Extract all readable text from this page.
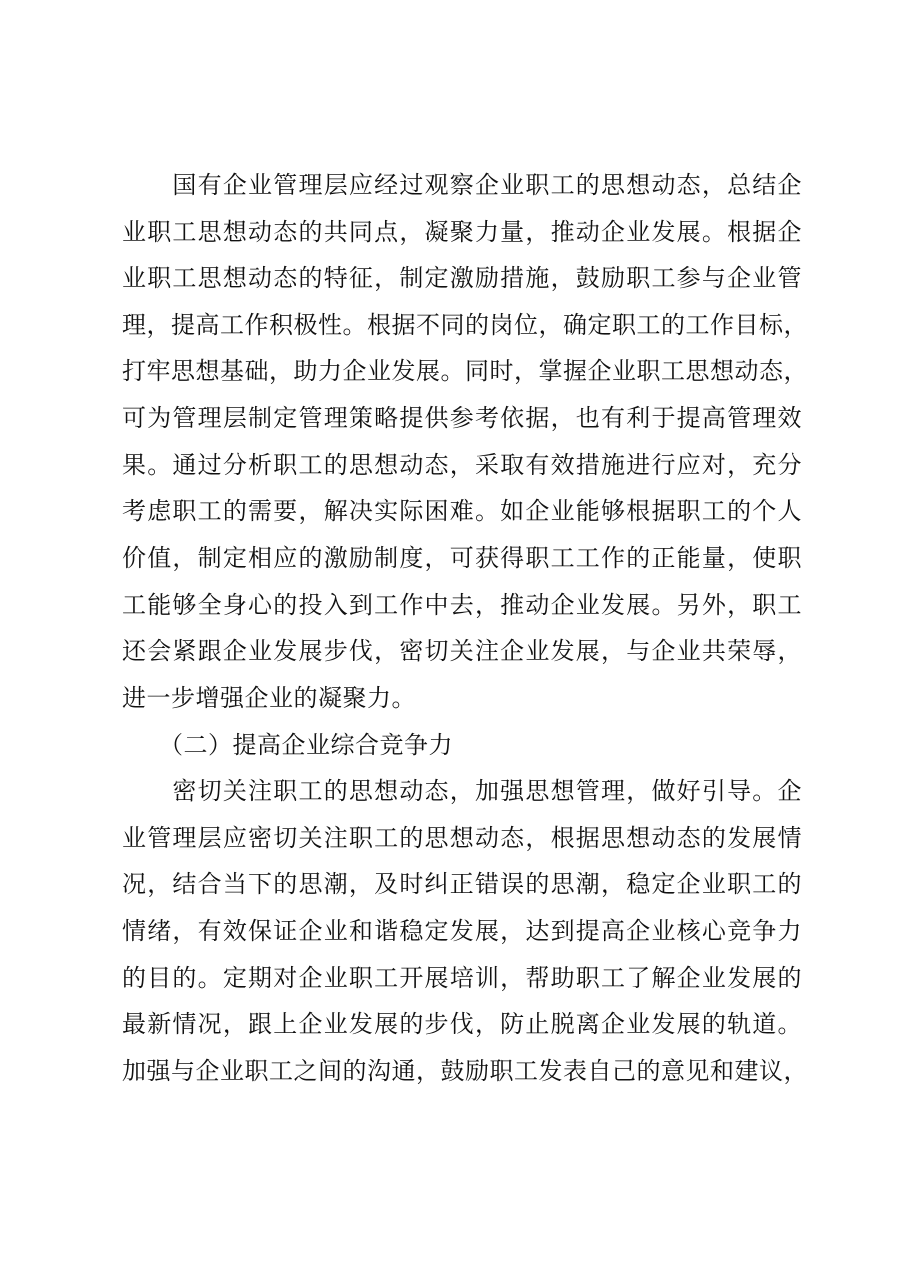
　　国有企业管理层应经过观察企业职工的思想动态，总结企
业职工思想动态的共同点，凝聚力量，推动企业发展。根据企
业职工思想动态的特征，制定激励措施，鼓励职工参与企业管
理，提高工作积极性。根据不同的岗位，确定职工的工作目标，
打牢思想基础，助力企业发展。同时，掌握企业职工思想动态，
可为管理层制定管理策略提供参考依据，也有利于提高管理效
果。通过分析职工的思想动态，采取有效措施进行应对，充分
考虑职工的需要，解决实际困难。如企业能够根据职工的个人
价值，制定相应的激励制度，可获得职工工作的正能量，使职
工能够全身心的投入到工作中去，推动企业发展。另外，职工
还会紧跟企业发展步伐，密切关注企业发展，与企业共荣辱，
进一步增强企业的凝聚力。
　　（二）提高企业综合竞争力
　　密切关注职工的思想动态，加强思想管理，做好引导。企
业管理层应密切关注职工的思想动态，根据思想动态的发展情
况，结合当下的思潮，及时纠正错误的思潮，稳定企业职工的
情绪，有效保证企业和谐稳定发展，达到提高企业核心竞争力
的目的。定期对企业职工开展培训，帮助职工了解企业发展的
最新情况，跟上企业发展的步伐，防止脱离企业发展的轨道。
加强与企业职工之间的沟通，鼓励职工发表自己的意见和建议，
